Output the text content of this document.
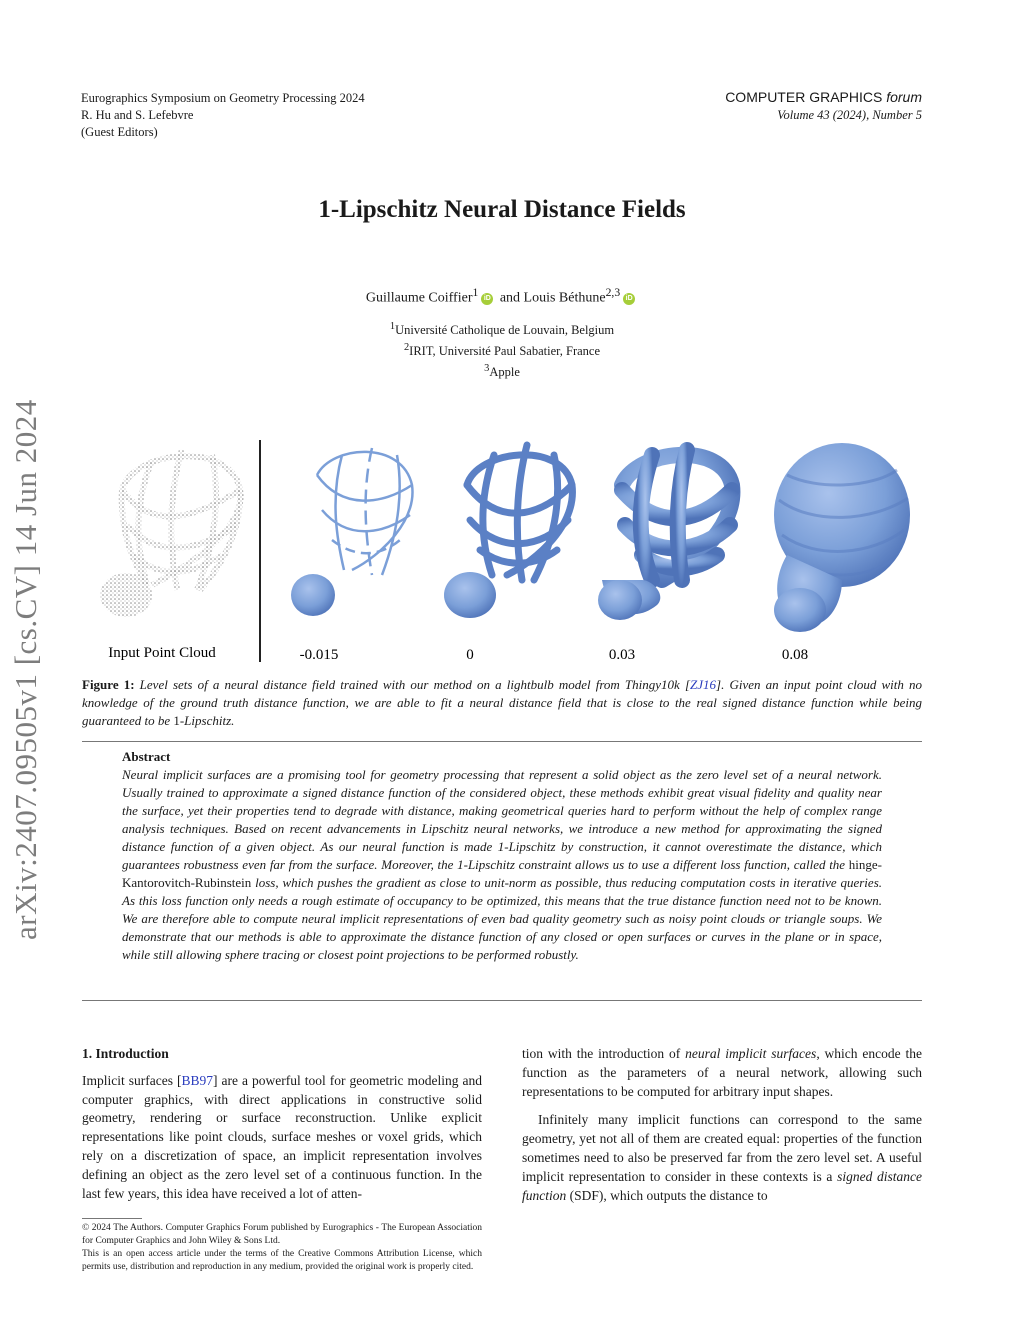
Eurographics Symposium on Geometry Processing 2024
R. Hu and S. Lefebvre
(Guest Editors)
COMPUTER GRAPHICS forum
Volume 43 (2024), Number 5
1-Lipschitz Neural Distance Fields
Guillaume Coiffier$^1$ iD and Louis Béthune$^{2,3}$ iD
$^1$Université Catholique de Louvain, Belgium
$^2$IRIT, Université Paul Sabatier, France
$^3$Apple
arXiv:2407.09505v1 [cs.CV] 14 Jun 2024	Input Point Cloud	-0.015	0	0.03	0.08
Figure 1: Level sets of a neural distance field trained with our method on a lightbulb model from Thingy10k [ZJ16]. Given an input point cloud with no knowledge of the ground truth distance function, we are able to fit a neural distance field that is close to the real signed distance function while being guaranteed to be 1-Lipschitz.
Abstract
Neural implicit surfaces are a promising tool for geometry processing that represent a solid object as the zero level set of a neural network. Usually trained to approximate a signed distance function of the considered object, these methods exhibit great visual fidelity and quality near the surface, yet their properties tend to degrade with distance, making geometrical queries hard to perform without the help of complex range analysis techniques. Based on recent advancements in Lipschitz neural networks, we introduce a new method for approximating the signed distance function of a given object. As our neural function is made 1-Lipschitz by construction, it cannot overestimate the distance, which guarantees robustness even far from the surface. Moreover, the 1-Lipschitz constraint allows us to use a different loss function, called the hinge-Kantorovitch-Rubinstein loss, which pushes the gradient as close to unit-norm as possible, thus reducing computation costs in iterative queries. As this loss function only needs a rough estimate of occupancy to be optimized, this means that the true distance function need not to be known. We are therefore able to compute neural implicit representations of even bad quality geometry such as noisy point clouds or triangle soups. We demonstrate that our methods is able to approximate the distance function of any closed or open surfaces or curves in the plane or in space, while still allowing sphere tracing or closest point projections to be performed robustly.
1. Introduction

Implicit surfaces [BB97] are a powerful tool for geometric modeling and computer graphics, with direct applications in constructive solid geometry, rendering or surface reconstruction. Unlike explicit representations like point clouds, surface meshes or voxel grids, which rely on a discretization of space, an implicit representation involves defining an object as the zero level set of a continuous function. In the last few years, this idea have received a lot of atten-

tion with the introduction of neural implicit surfaces, which encode the function as the parameters of a neural network, allowing such representations to be computed for arbitrary input shapes.

Infinitely many implicit functions can correspond to the same geometry, yet not all of them are created equal: properties of the function sometimes need to also be preserved far from the zero level set. A useful implicit representation to consider in these contexts is a signed distance function (SDF), which outputs the distance to

© 2024 The Authors. Computer Graphics Forum published by Eurographics - The European Association for Computer Graphics and John Wiley & Sons Ltd.
This is an open access article under the terms of the Creative Commons Attribution License, which permits use, distribution and reproduction in any medium, provided the original work is properly cited.
